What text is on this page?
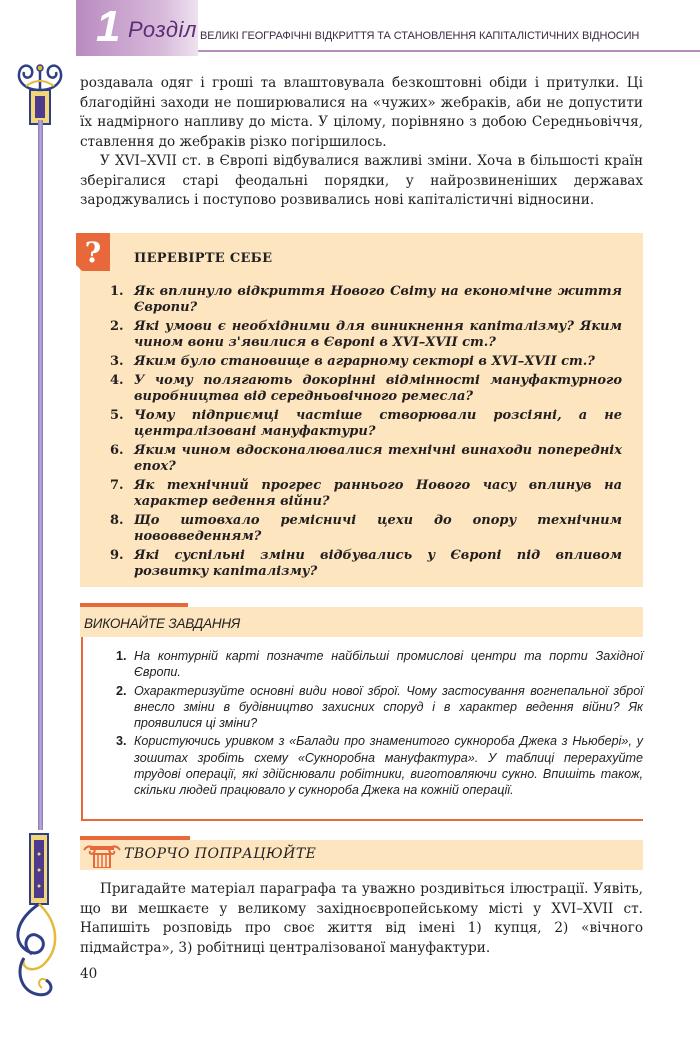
1 Розділ ВЕЛИКІ ГЕОГРАФІЧНІ ВІДКРИТТЯ ТА СТАНОВЛЕННЯ КАПІТАЛІСТИЧНИХ ВІДНОСИН

роздавала одяг і гроші та влаштовувала безкоштовні обіди і притулки. Ці благодійні заходи не поширювалися на «чужих» жебраків, аби не допустити їх надмірного напливу до міста. У цілому, порівняно з добою Середньовіччя, ставлення до жебраків різко погіршилось.

У XVI–XVII ст. в Європі відбувалися важливі зміни. Хоча в більшості країн зберігалися старі феодальні порядки, у найрозвиненіших державах зароджувались і поступово розвивались нові капіталістичні відносини.

?	ПЕРЕВІРТЕ СЕБЕ
1. Як вплинуло відкриття Нового Світу на економічне життя Європи?
2. Які умови є необхідними для виникнення капіталізму? Яким чином вони з'явилися в Європі в XVI–XVII ст.?
3. Яким було становище в аграрному секторі в XVI–XVII ст.?
4. У чому полягають докорінні відмінності мануфактурного виробництва від середньовічного ремесла?
5. Чому підприємці частіше створювали розсіяні, а не централізовані мануфактури?
6. Яким чином вдосконалювалися технічні винаходи попередніх епох?
7. Як технічний прогрес раннього Нового часу вплинув на характер ведення війни?
8. Що штовхало ремісничі цехи до опору технічним нововведенням?
9. Які суспільні зміни відбувались у Європі під впливом розвитку капіталізму?
ВИКОНАЙТЕ ЗАВДАННЯ
1. На контурній карті позначте найбільші промислові центри та порти Західної Європи.
2. Охарактеризуйте основні види нової зброї. Чому застосування вогнепальної зброї внесло зміни в будівництво захисних споруд і в характер ведення війни? Як проявилися ці зміни?
3. Користуючись уривком з «Балади про знаменитого сукнороба Джека з Ньюбері», у зошитах зробіть схему «Сукноробна мануфактура». У таблиці перерахуйте трудові операції, які здійснювали робітники, виготовляючи сукно. Впишіть також, скільки людей працювало у сукнороба Джека на кожній операції.
ТВОРЧО ПОПРАЦЮЙТЕ
Пригадайте матеріал параграфа та уважно роздивіться ілюстрації. Уявіть, що ви мешкаєте у великому західноєвропейському місті у XVI–XVII ст. Напишіть розповідь про своє життя від імені 1) купця, 2) «вічного підмайстра», 3) робітниці централізованої мануфактури.
40
